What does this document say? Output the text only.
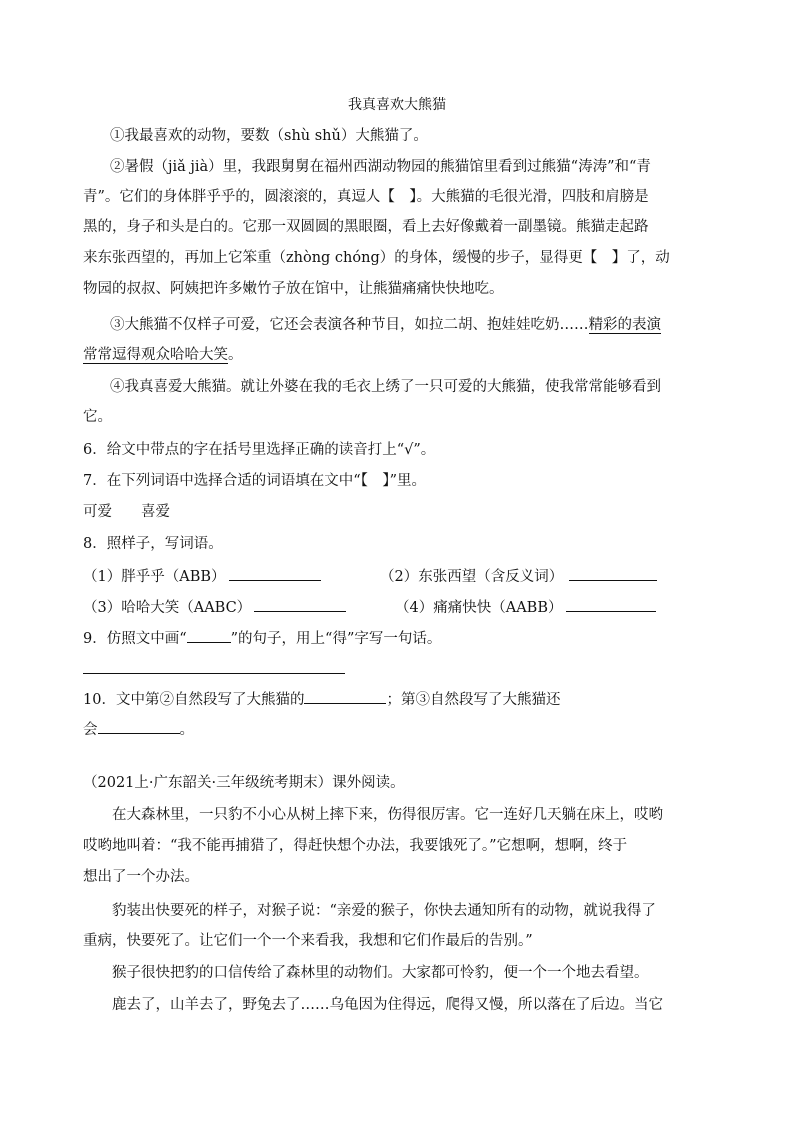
我真喜欢大熊猫
①我最喜欢的动物，要数（shù shǔ）大熊猫了。
②暑假（jiǎ jià）里，我跟舅舅在福州西湖动物园的熊猫馆里看到过熊猫“涛涛”和“青
青”。它们的身体胖乎乎的，圆滚滚的，真逗人【　】。大熊猫的毛很光滑，四肢和肩膀是
黑的，身子和头是白的。它那一双圆圆的黑眼圈，看上去好像戴着一副墨镜。熊猫走起路
来东张西望的，再加上它笨重（zhòng chóng）的身体，缓慢的步子，显得更【　】了，动
物园的叔叔、阿姨把许多嫩竹子放在馆中，让熊猫痛痛快快地吃。
③大熊猫不仅样子可爱，它还会表演各种节目，如拉二胡、抱娃娃吃奶……精彩的表演
常常逗得观众哈哈大笑。
④我真喜爱大熊猫。就让外婆在我的毛衣上绣了一只可爱的大熊猫，使我常常能够看到
它。
6．给文中带点的字在括号里选择正确的读音打上“√”。
7．在下列词语中选择合适的词语填在文中“【　】”里。
可爱　　喜爱
8．照样子，写词语。
（1）胖乎乎（ABB）	（2）东张西望（含反义词）
（3）哈哈大笑（AABC）	（4）痛痛快快（AABB）
9．仿照文中画“	”的句子，用上“得”字写一句话。
10．文中第②自然段写了大熊猫的	；第③自然段写了大熊猫还
会	。
（2021上·广东韶关·三年级统考期末）课外阅读。
在大森林里，一只豹不小心从树上摔下来，伤得很厉害。它一连好几天躺在床上，哎哟
哎哟地叫着：“我不能再捕猎了，得赶快想个办法，我要饿死了。”它想啊，想啊，终于
想出了一个办法。
豹装出快要死的样子，对猴子说：“亲爱的猴子，你快去通知所有的动物，就说我得了
重病，快要死了。让它们一个一个来看我，我想和它们作最后的告别。”
猴子很快把豹的口信传给了森林里的动物们。大家都可怜豹，便一个一个地去看望。
鹿去了，山羊去了，野兔去了……乌龟因为住得远，爬得又慢，所以落在了后边。当它
